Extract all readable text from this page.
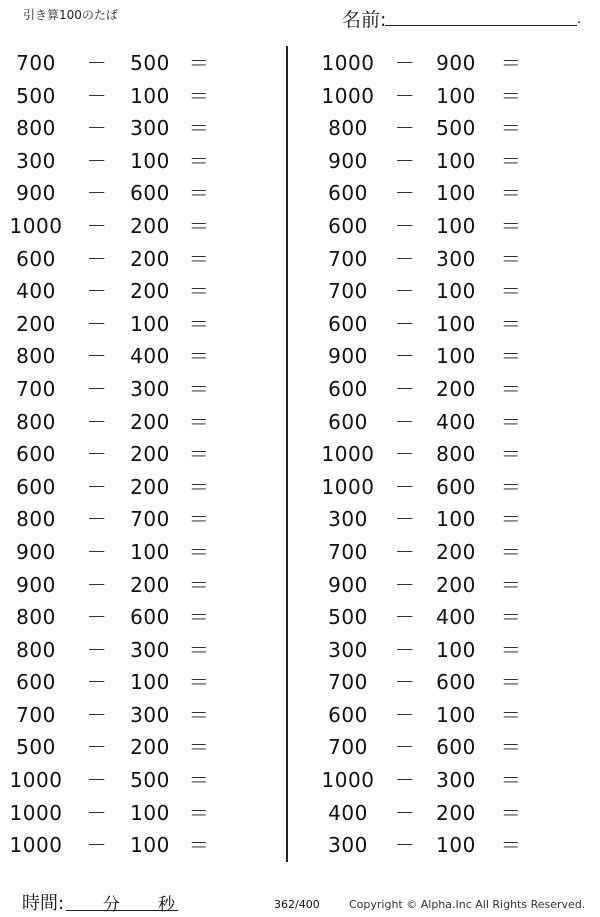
引き算100のたば	名前:	.
700	－	500 ＝
500	－	100 ＝
800	－	300 ＝
300	－	100 ＝
900	－	600 ＝
1000 －	200 ＝
600	－	200 ＝
400	－	200 ＝
200	－	100 ＝
800	－	400 ＝
700	－	300 ＝
800	－	200 ＝
600	－	200 ＝
600	－	200 ＝
800	－	700 ＝
900	－	100 ＝
900	－	200 ＝
800	－	600 ＝
800	－	300 ＝
600	－	100 ＝
700	－	300 ＝
500	－	200 ＝
1000 －	500 ＝
1000 －	100 ＝
1000 －	100 ＝
1000 －	900	＝
1000 －	100	＝
800	－	500	＝
900	－	100	＝
600	－	100	＝
600	－	100	＝
700	－	300	＝
700	－	100	＝
600	－	100	＝
900	－	100	＝
600	－	200	＝
600	－	400	＝
1000 －	800	＝
1000 －	600	＝
300	－	100	＝
700	－	200	＝
900	－	200	＝
500	－	400	＝
300	－	100	＝
700	－	600	＝
600	－	100	＝
700	－	600	＝
1000 －	300	＝
400	－	200	＝
300	－	100	＝
時間: 分 秒	362/400	Copyright © Alpha.Inc All Rights Reserved.
